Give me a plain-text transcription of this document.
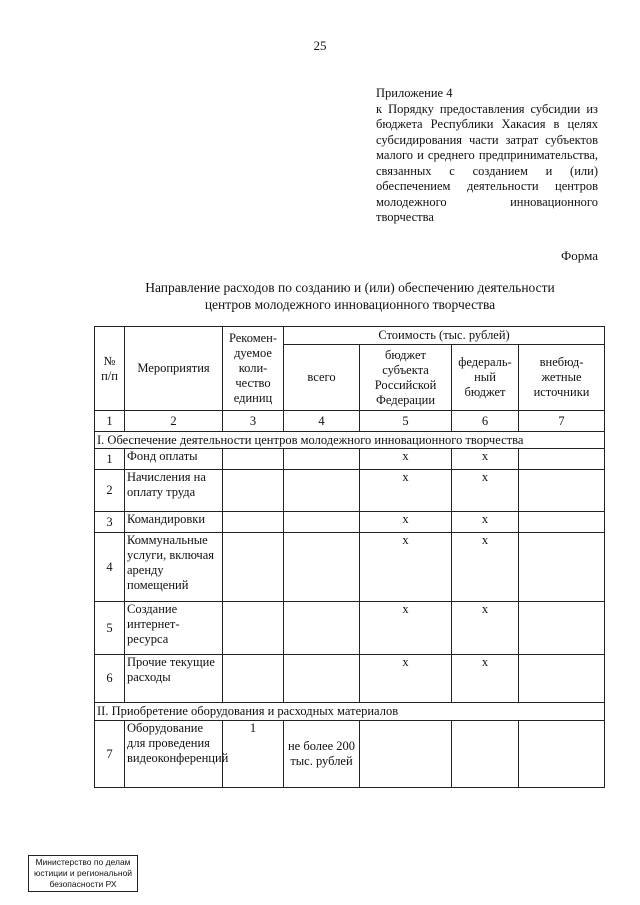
25
Приложение 4
к Порядку предоставления субсидии из бюджета Республики Хакасия в целях субсидирования части затрат субъектов малого и среднего предпринимательства, связанных с созданием и (или) обеспечением деятельности центров молодежного инновационного творчества
Форма
Направление расходов по созданию и (или) обеспечению деятельности
центров молодежного инновационного творчества
№ п/п	Мероприятия	Рекомен-дуемое коли-чество единиц	Стоимость (тыс. рублей)			
			всего	бюджет субъекта Российской Федерации	федераль-ный бюджет	внебюд-жетные источники
1	2	3	4	5	6	7
I. Обеспечение деятельности центров молодежного инновационного творчества						
1	Фонд оплаты			x	x	
2	Начисления на оплату труда			x	x	
3	Командировки			x	x	
4	Коммунальные услуги, включая аренду помещений			x	x	
5	Создание интернет-ресурса			x	x	
6	Прочие текущие расходы			x	x	
II. Приобретение оборудования и расходных материалов						
7	Оборудование для проведения видеоконференций	1	не более 200 тыс. рублей			
Министерство по делам
юстиции и региональной
безопасности РХ
